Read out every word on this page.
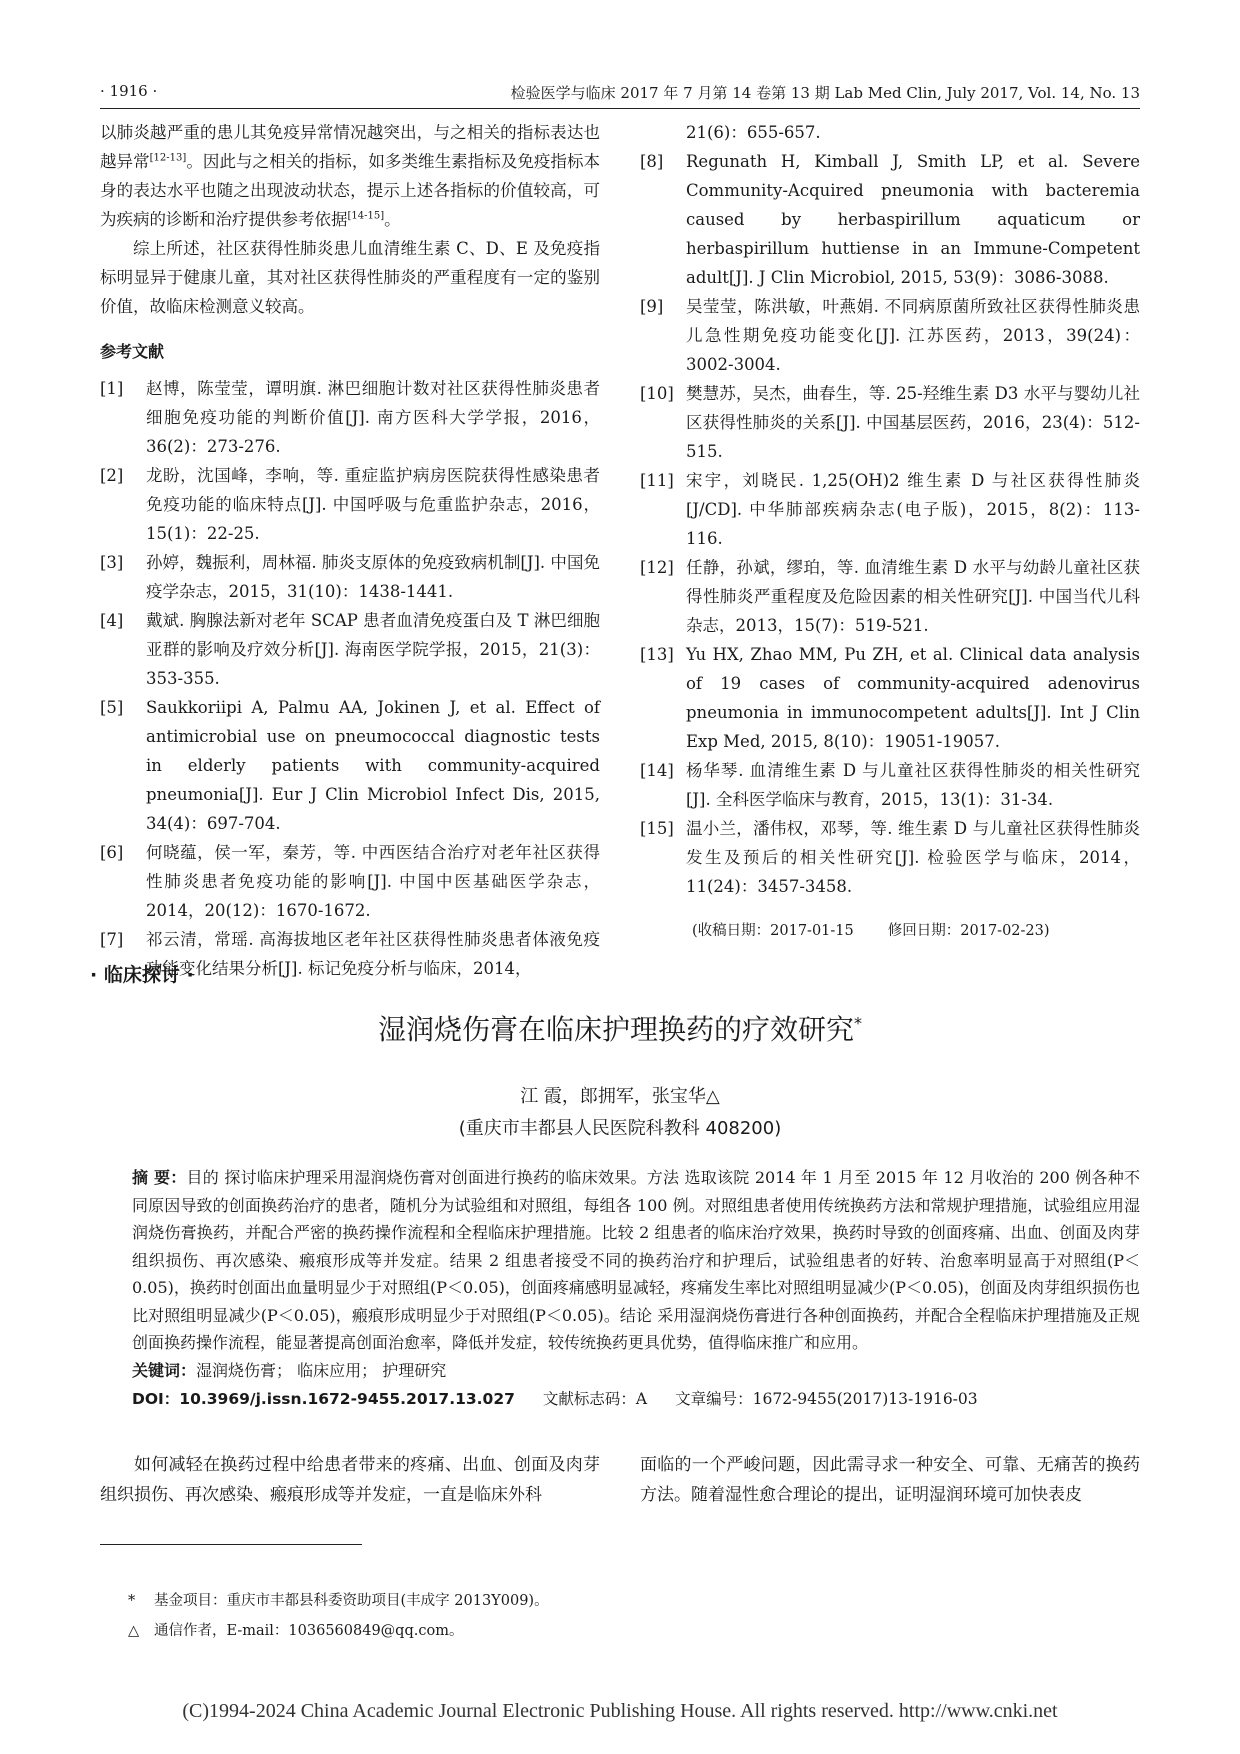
· 1916 ·	检验医学与临床 2017 年 7 月第 14 卷第 13 期 Lab Med Clin, July 2017, Vol. 14, No. 13

以肺炎越严重的患儿其免疫异常情况越突出，与之相关的指标表达也越异常[12-13]。因此与之相关的指标，如多类维生素指标及免疫指标本身的表达水平也随之出现波动状态，提示上述各指标的价值较高，可为疾病的诊断和治疗提供参考依据[14-15]。

综上所述，社区获得性肺炎患儿血清维生素 C、D、E 及免疫指标明显异于健康儿童，其对社区获得性肺炎的严重程度有一定的鉴别价值，故临床检测意义较高。

参考文献

[1] 赵博，陈莹莹，谭明旗. 淋巴细胞计数对社区获得性肺炎患者细胞免疫功能的判断价值[J]. 南方医科大学学报，2016，36(2)：273-276.

[2] 龙盼，沈国峰，李响，等. 重症监护病房医院获得性感染患者免疫功能的临床特点[J]. 中国呼吸与危重监护杂志，2016，15(1)：22-25.

[3] 孙婷，魏振利，周林福. 肺炎支原体的免疫致病机制[J]. 中国免疫学杂志，2015，31(10)：1438-1441.

[4] 戴斌. 胸腺法新对老年 SCAP 患者血清免疫蛋白及 T 淋巴细胞亚群的影响及疗效分析[J]. 海南医学院学报，2015，21(3)：353-355.

[5] Saukkoriipi A, Palmu AA, Jokinen J, et al. Effect of antimicrobial use on pneumococcal diagnostic tests in elderly patients with community-acquired pneumonia[J]. Eur J Clin Microbiol Infect Dis, 2015, 34(4)：697-704.

[6] 何晓蕴，侯一军，秦芳，等. 中西医结合治疗对老年社区获得性肺炎患者免疫功能的影响[J]. 中国中医基础医学杂志，2014，20(12)：1670-1672.

[7] 祁云清，常瑶. 高海拔地区老年社区获得性肺炎患者体液免疫功能变化结果分析[J]. 标记免疫分析与临床，2014，

21(6)：655-657.

[8] Regunath H, Kimball J, Smith LP, et al. Severe Community-Acquired pneumonia with bacteremia caused by herbaspirillum aquaticum or herbaspirillum huttiense in an Immune-Competent adult[J]. J Clin Microbiol, 2015, 53(9)：3086-3088.

[9] 吴莹莹，陈洪敏，叶燕娟. 不同病原菌所致社区获得性肺炎患儿急性期免疫功能变化[J]. 江苏医药，2013，39(24)：3002-3004.

[10] 樊慧苏，吴杰，曲春生，等. 25-羟维生素 D3 水平与婴幼儿社区获得性肺炎的关系[J]. 中国基层医药，2016，23(4)：512-515.

[11] 宋宇，刘晓民. 1,25(OH)2 维生素 D 与社区获得性肺炎[J/CD]. 中华肺部疾病杂志(电子版)，2015，8(2)：113-116.

[12] 任静，孙斌，缪珀，等. 血清维生素 D 水平与幼龄儿童社区获得性肺炎严重程度及危险因素的相关性研究[J]. 中国当代儿科杂志，2013，15(7)：519-521.

[13] Yu HX, Zhao MM, Pu ZH, et al. Clinical data analysis of 19 cases of community-acquired adenovirus pneumonia in immunocompetent adults[J]. Int J Clin Exp Med, 2015, 8(10)：19051-19057.

[14] 杨华琴. 血清维生素 D 与儿童社区获得性肺炎的相关性研究[J]. 全科医学临床与教育，2015，13(1)：31-34.

[15] 温小兰，潘伟权，邓琴，等. 维生素 D 与儿童社区获得性肺炎发生及预后的相关性研究[J]. 检验医学与临床，2014，11(24)：3457-3458.

(收稿日期：2017-01-15 修回日期：2017-02-23)

· 临床探讨 ·
湿润烧伤膏在临床护理换药的疗效研究*
江 霞，郎拥军，张宝华△
(重庆市丰都县人民医院科教科 408200)

摘 要：目的 探讨临床护理采用湿润烧伤膏对创面进行换药的临床效果。方法 选取该院 2014 年 1 月至 2015 年 12 月收治的 200 例各种不同原因导致的创面换药治疗的患者，随机分为试验组和对照组，每组各 100 例。对照组患者使用传统换药方法和常规护理措施，试验组应用湿润烧伤膏换药，并配合严密的换药操作流程和全程临床护理措施。比较 2 组患者的临床治疗效果，换药时导致的创面疼痛、出血、创面及肉芽组织损伤、再次感染、瘢痕形成等并发症。结果 2 组患者接受不同的换药治疗和护理后，试验组患者的好转、治愈率明显高于对照组(P＜0.05)，换药时创面出血量明显少于对照组(P＜0.05)，创面疼痛感明显减轻，疼痛发生率比对照组明显减少(P＜0.05)，创面及肉芽组织损伤也比对照组明显减少(P＜0.05)，瘢痕形成明显少于对照组(P＜0.05)。结论 采用湿润烧伤膏进行各种创面换药，并配合全程临床护理措施及正规创面换药操作流程，能显著提高创面治愈率，降低并发症，较传统换药更具优势，值得临床推广和应用。

关键词：湿润烧伤膏； 临床应用； 护理研究

DOI：10.3969/j.issn.1672-9455.2017.13.027 文献标志码：A 文章编号：1672-9455(2017)13-1916-03

如何减轻在换药过程中给患者带来的疼痛、出血、创面及肉芽组织损伤、再次感染、瘢痕形成等并发症，一直是临床外科

面临的一个严峻问题，因此需寻求一种安全、可靠、无痛苦的换药方法。随着湿性愈合理论的提出，证明湿润环境可加快表皮

* 基金项目：重庆市丰都县科委资助项目(丰成字 2013Y009)。

△ 通信作者，E-mail：1036560849@qq.com。

(C)1994-2024 China Academic Journal Electronic Publishing House. All rights reserved. http://www.cnki.net
